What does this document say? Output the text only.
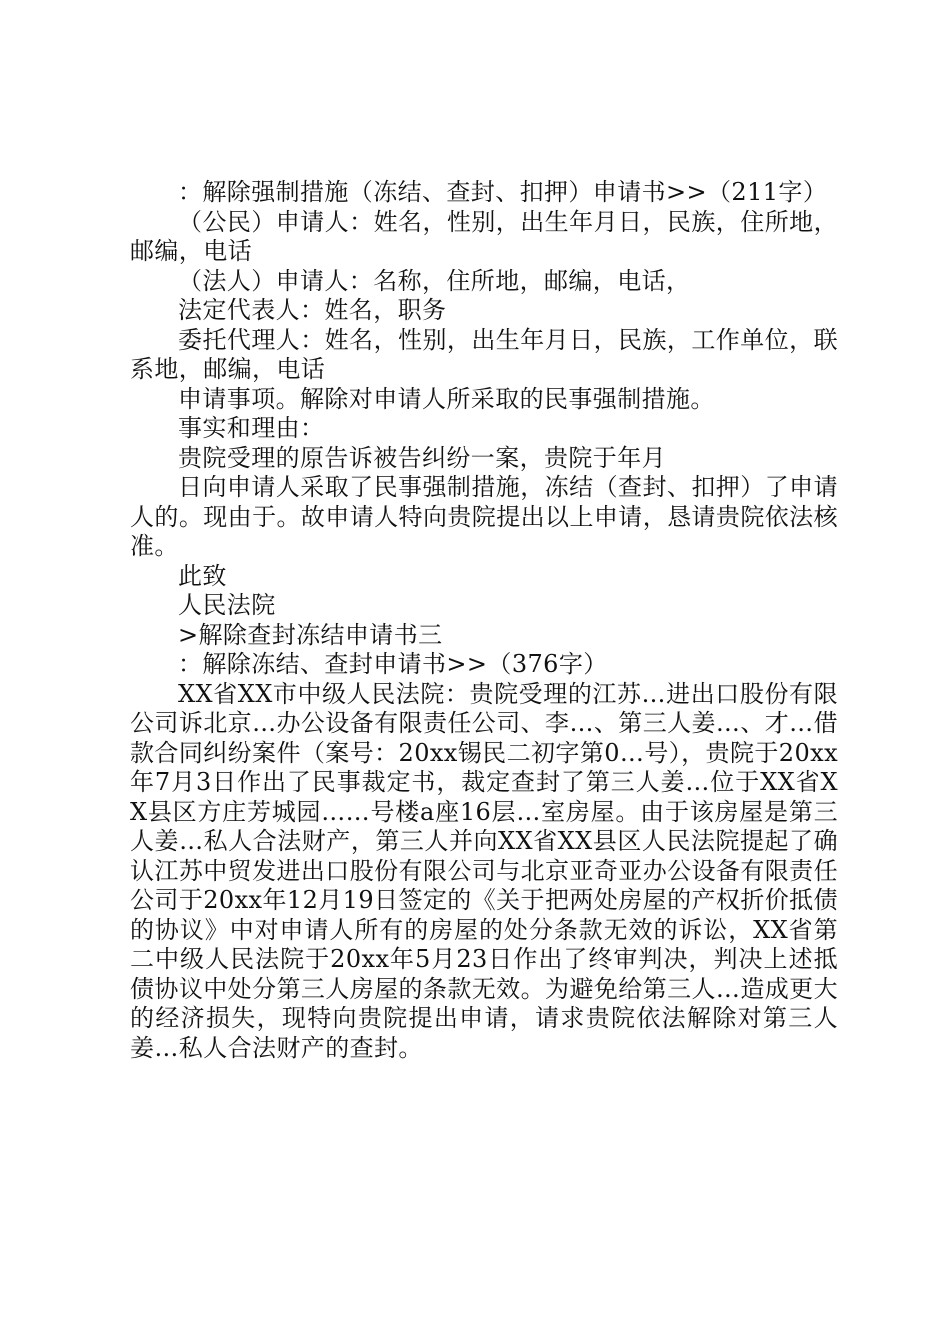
：解除强制措施（冻结、查封、扣押）申请书>>（211字）

（公民）申请人：姓名，性别，出生年月日，民族，住所地，邮编，电话

（法人）申请人：名称，住所地，邮编，电话，

法定代表人：姓名，职务

委托代理人：姓名，性别，出生年月日，民族，工作单位，联系地，邮编，电话

申请事项。解除对申请人所采取的民事强制措施。

事实和理由：

贵院受理的原告诉被告纠纷一案，贵院于年月

日向申请人采取了民事强制措施，冻结（查封、扣押）了申请人的。现由于。故申请人特向贵院提出以上申请，恳请贵院依法核准。

此致

人民法院

>解除查封冻结申请书三

：解除冻结、查封申请书>>（376字）

XX省XX市中级人民法院：贵院受理的江苏…进出口股份有限公司诉北京…办公设备有限责任公司、李…、第三人姜…、才…借款合同纠纷案件（案号：20xx锡民二初字第0…号），贵院于20xx年7月3日作出了民事裁定书，裁定查封了第三人姜…位于XX省XX县区方庄芳城园……号楼a座16层…室房屋。由于该房屋是第三人姜…私人合法财产，第三人并向XX省XX县区人民法院提起了确认江苏中贸发进出口股份有限公司与北京亚奇亚办公设备有限责任公司于20xx年12月19日签定的《关于把两处房屋的产权折价抵债的协议》中对申请人所有的房屋的处分条款无效的诉讼，XX省第二中级人民法院于20xx年5月23日作出了终审判决，判决上述抵债协议中处分第三人房屋的条款无效。为避免给第三人…造成更大的经济损失，现特向贵院提出申请，请求贵院依法解除对第三人姜…私人合法财产的查封。
